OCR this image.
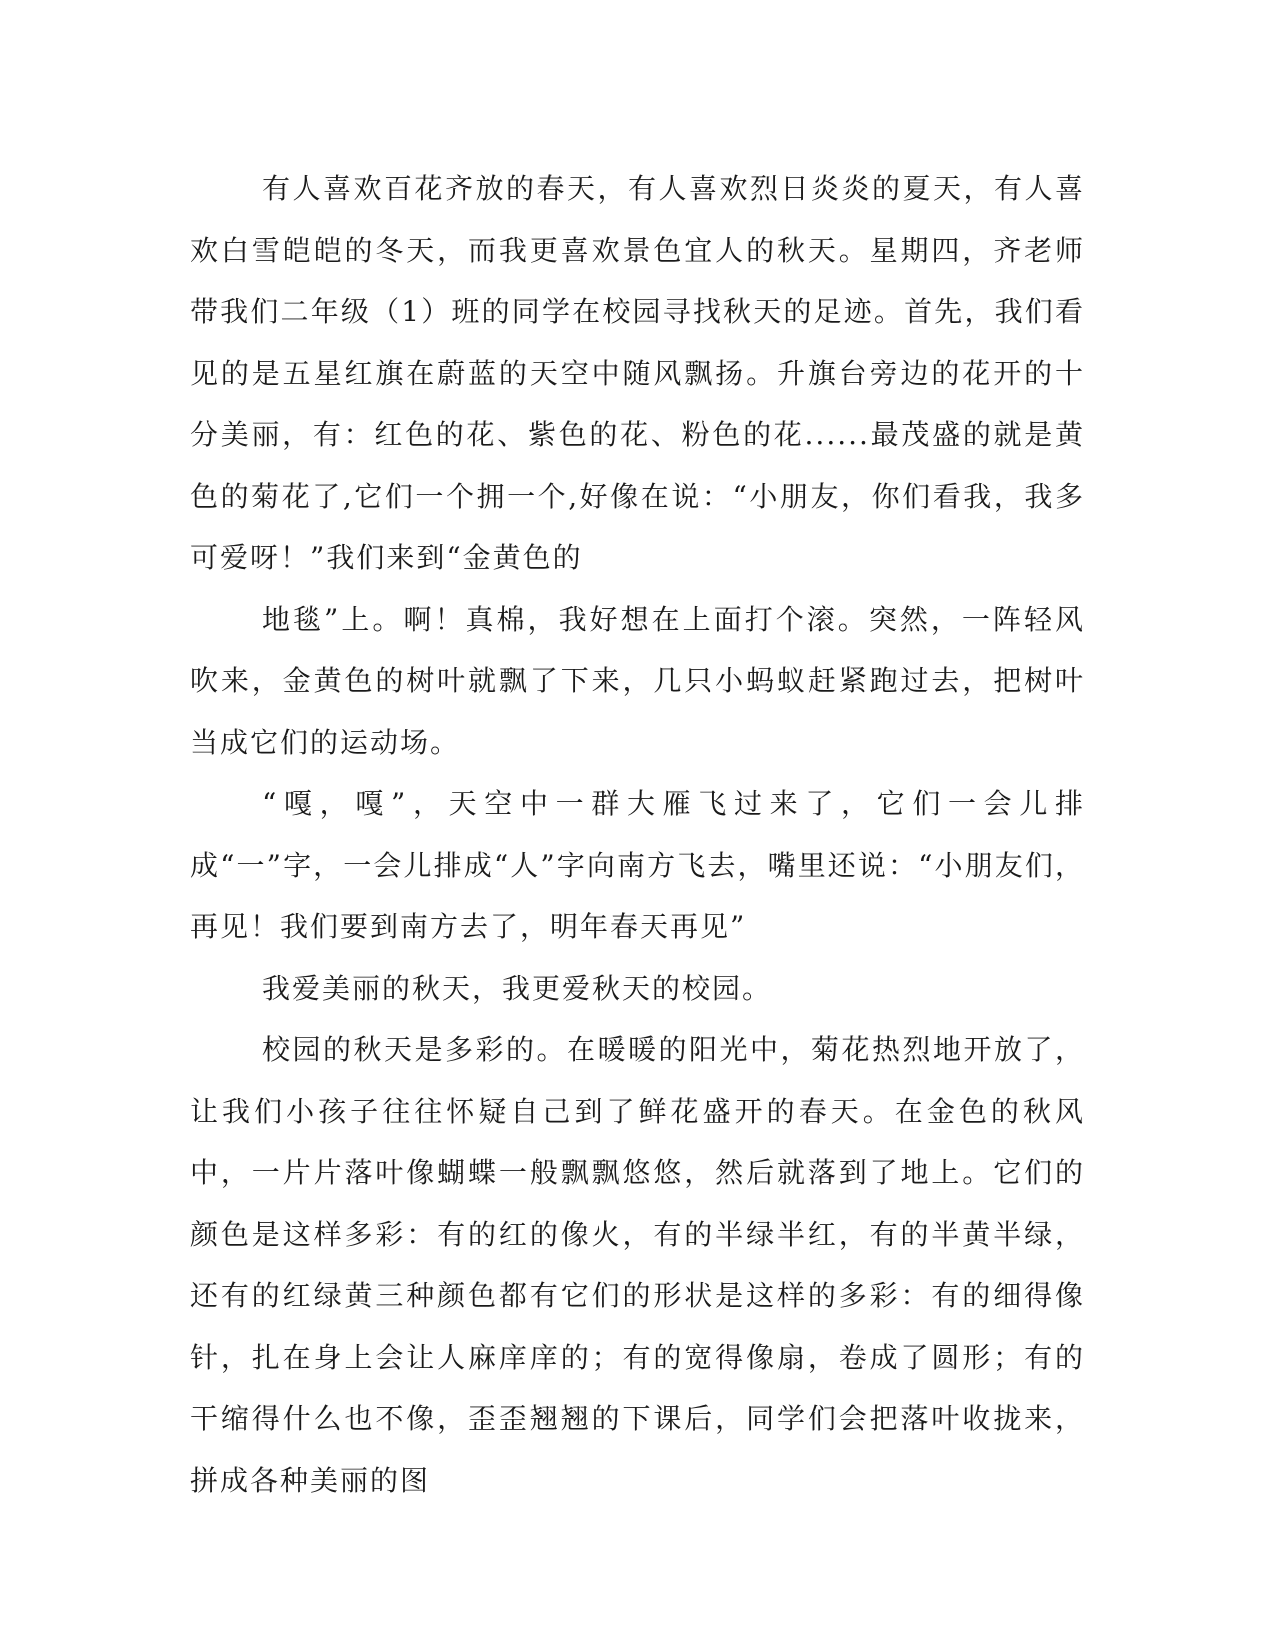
有人喜欢百花齐放的春天，有人喜欢烈日炎炎的夏天，有人喜欢白雪皑皑的冬天，而我更喜欢景色宜人的秋天。星期四，齐老师带我们二年级（1）班的同学在校园寻找秋天的足迹。首先，我们看见的是五星红旗在蔚蓝的天空中随风飘扬。升旗台旁边的花开的十分美丽，有：红色的花、紫色的花、粉色的花......最茂盛的就是黄色的菊花了,它们一个拥一个,好像在说：“小朋友，你们看我，我多可爱呀！”我们来到“金黄色的

地毯”上。啊！真棉，我好想在上面打个滚。突然，一阵轻风吹来，金黄色的树叶就飘了下来，几只小蚂蚁赶紧跑过去，把树叶当成它们的运动场。

“嘎，嘎”，天空中一群大雁飞过来了，它们一会儿排成“一”字，一会儿排成“人”字向南方飞去，嘴里还说：“小朋友们，再见！我们要到南方去了，明年春天再见”

我爱美丽的秋天，我更爱秋天的校园。

校园的秋天是多彩的。在暖暖的阳光中，菊花热烈地开放了，让我们小孩子往往怀疑自己到了鲜花盛开的春天。在金色的秋风中，一片片落叶像蝴蝶一般飘飘悠悠，然后就落到了地上。它们的颜色是这样多彩：有的红的像火，有的半绿半红，有的半黄半绿，还有的红绿黄三种颜色都有它们的形状是这样的多彩：有的细得像针，扎在身上会让人麻庠庠的；有的宽得像扇，卷成了圆形；有的干缩得什么也不像，歪歪翘翘的下课后，同学们会把落叶收拢来，拼成各种美丽的图
